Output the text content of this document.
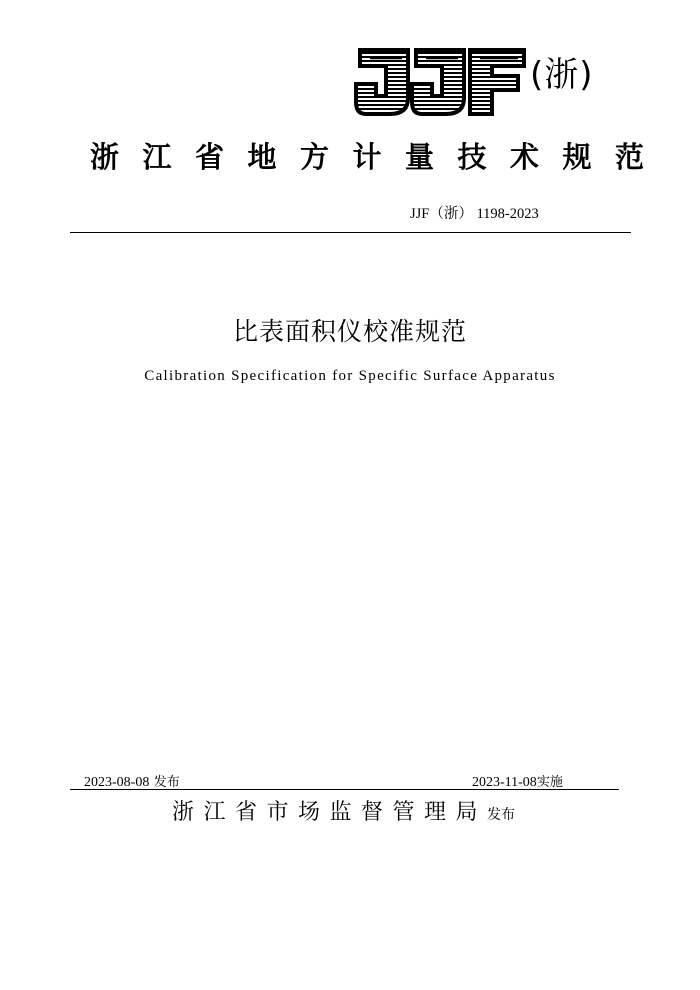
(浙)
浙江省地方计量技术规范
JJF（浙） 1198-2023
比表面积仪校准规范
Calibration Specification for Specific Surface Apparatus
2023-08-08 发布	2023-11-08实施
浙江省市场监督管理局发布
